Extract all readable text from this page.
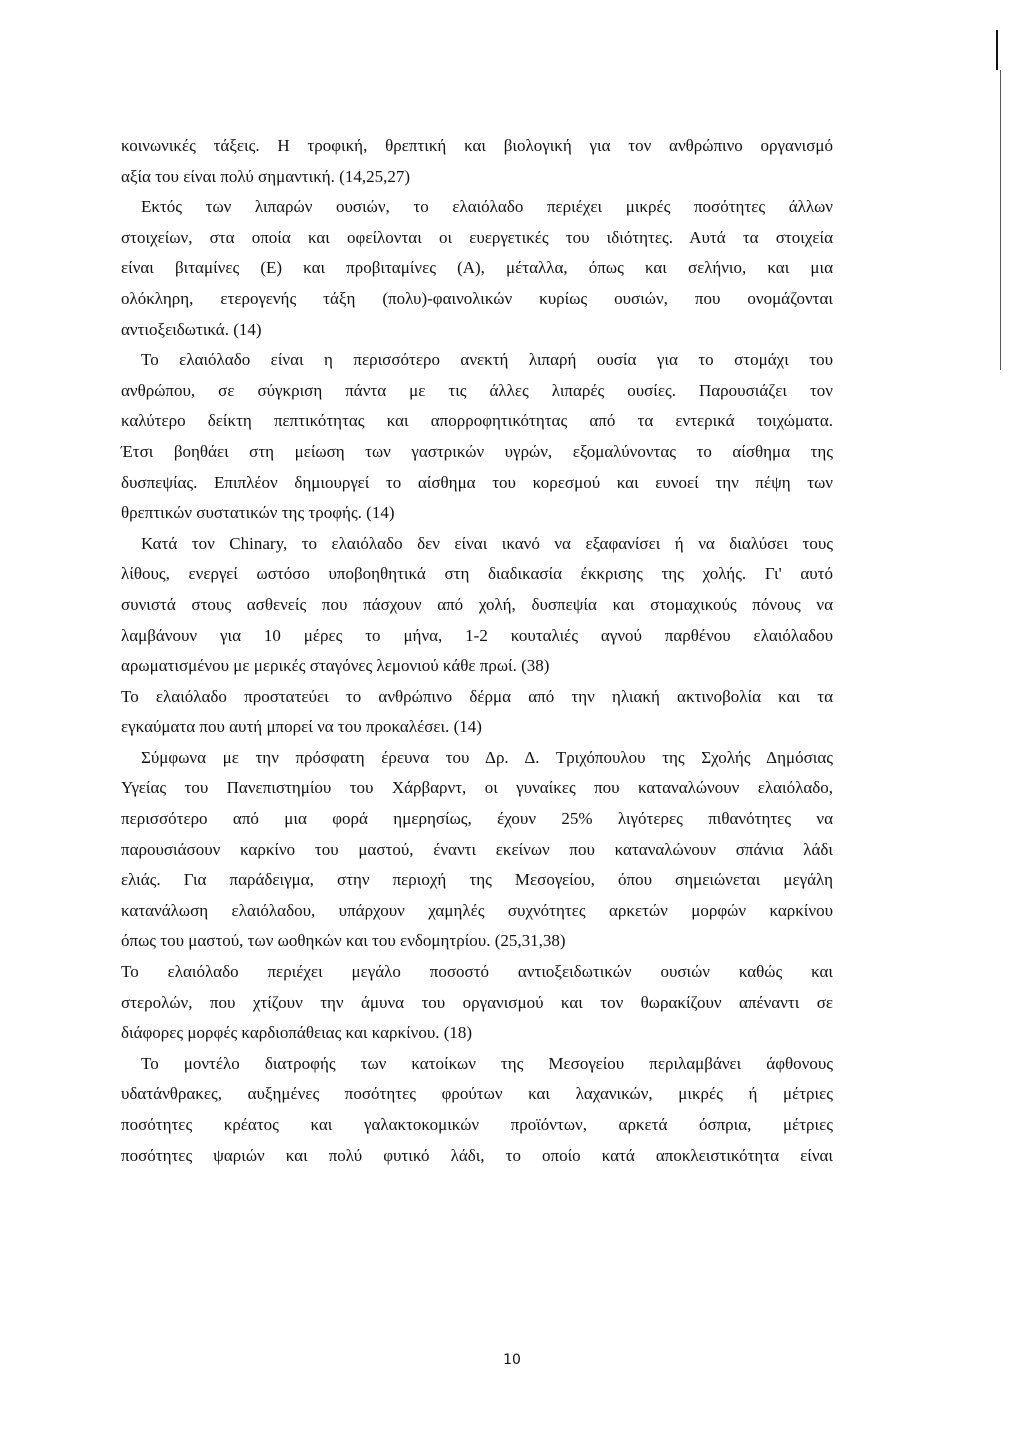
κοινωνικές τάξεις. Η τροφική, θρεπτική και βιολογική για τον ανθρώπινο οργανισμό
αξία του είναι πολύ σημαντική. (14,25,27)
Εκτός των λιπαρών ουσιών, το ελαιόλαδο περιέχει μικρές ποσότητες άλλων
στοιχείων, στα οποία και οφείλονται οι ευεργετικές του ιδιότητες. Αυτά τα στοιχεία
είναι βιταμίνες (Ε) και προβιταμίνες (Α), μέταλλα, όπως και σελήνιο, και μια
ολόκληρη, ετερογενής τάξη (πολυ)-φαινολικών κυρίως ουσιών, που ονομάζονται
αντιοξειδωτικά. (14)
Το ελαιόλαδο είναι η περισσότερο ανεκτή λιπαρή ουσία για το στομάχι του
ανθρώπου, σε σύγκριση πάντα με τις άλλες λιπαρές ουσίες. Παρουσιάζει τον
καλύτερο δείκτη πεπτικότητας και απορροφητικότητας από τα εντερικά τοιχώματα.
Έτσι βοηθάει στη μείωση των γαστρικών υγρών, εξομαλύνοντας το αίσθημα της
δυσπεψίας. Επιπλέον δημιουργεί το αίσθημα του κορεσμού και ευνοεί την πέψη των
θρεπτικών συστατικών της τροφής. (14)
Κατά τον Chinary, το ελαιόλαδο δεν είναι ικανό να εξαφανίσει ή να διαλύσει τους
λίθους, ενεργεί ωστόσο υποβοηθητικά στη διαδικασία έκκρισης της χολής. Γι' αυτό
συνιστά στους ασθενείς που πάσχουν από χολή, δυσπεψία και στομαχικούς πόνους να
λαμβάνουν για 10 μέρες το μήνα, 1-2 κουταλιές αγνού παρθένου ελαιόλαδου
αρωματισμένου με μερικές σταγόνες λεμονιού κάθε πρωί. (38)
Το ελαιόλαδο προστατεύει το ανθρώπινο δέρμα από την ηλιακή ακτινοβολία και τα
εγκαύματα που αυτή μπορεί να του προκαλέσει. (14)
Σύμφωνα με την πρόσφατη έρευνα του Δρ. Δ. Τριχόπουλου της Σχολής Δημόσιας
Υγείας του Πανεπιστημίου του Χάρβαρντ, οι γυναίκες που καταναλώνουν ελαιόλαδο,
περισσότερο από μια φορά ημερησίως, έχουν 25% λιγότερες πιθανότητες να
παρουσιάσουν καρκίνο του μαστού, έναντι εκείνων που καταναλώνουν σπάνια λάδι
ελιάς. Για παράδειγμα, στην περιοχή της Μεσογείου, όπου σημειώνεται μεγάλη
κατανάλωση ελαιόλαδου, υπάρχουν χαμηλές συχνότητες αρκετών μορφών καρκίνου
όπως του μαστού, των ωοθηκών και του ενδομητρίου. (25,31,38)
Το ελαιόλαδο περιέχει μεγάλο ποσοστό αντιοξειδωτικών ουσιών καθώς και
στερολών, που χτίζουν την άμυνα του οργανισμού και τον θωρακίζουν απέναντι σε
διάφορες μορφές καρδιοπάθειας και καρκίνου. (18)
Το μοντέλο διατροφής των κατοίκων της Μεσογείου περιλαμβάνει άφθονους
υδατάνθρακες, αυξημένες ποσότητες φρούτων και λαχανικών, μικρές ή μέτριες
ποσότητες κρέατος και γαλακτοκομικών προϊόντων, αρκετά όσπρια, μέτριες
ποσότητες ψαριών και πολύ φυτικό λάδι, το οποίο κατά αποκλειστικότητα είναι
10
